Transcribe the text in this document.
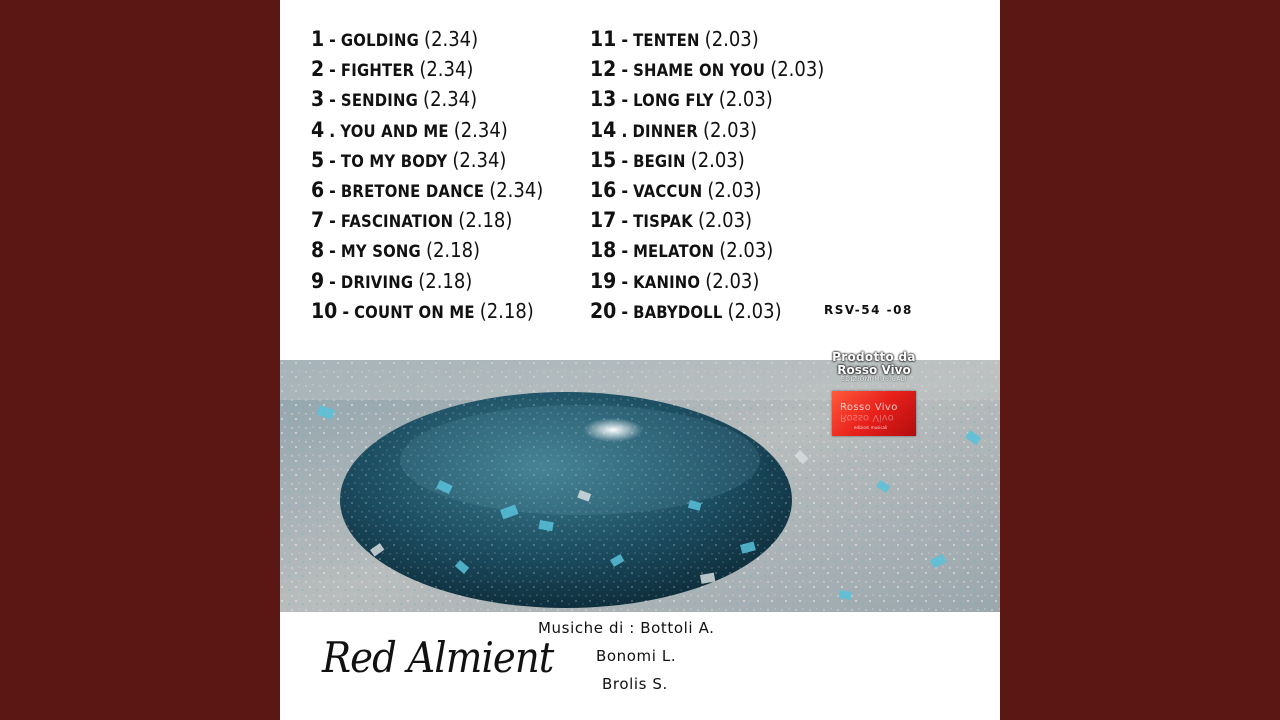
1 - GOLDING (2.34)
2 - FIGHTER (2.34)
3 - SENDING (2.34)
4 . YOU AND ME (2.34)
5 - TO MY BODY (2.34)
6 - BRETONE DANCE (2.34)
7 - FASCINATION (2.18)
8 - MY SONG (2.18)
9 - DRIVING (2.18)
10 - COUNT ON ME (2.18)
11 - TENTEN (2.03)
12 - SHAME ON YOU (2.03)
13 - LONG FLY (2.03)
14 . DINNER (2.03)
15 - BEGIN (2.03)
16 - VACCUN (2.03)
17 - TISPAK (2.03)
18 - MELATON (2.03)
19 - KANINO (2.03)
20 - BABYDOLL (2.03)	RSV-54 -08
Prodotto da
Rosso Vivo
EDIZIONI MUSICALI
Rosso Vivo
Rosso Vivo
edizioni musicali
Red Almient
Musiche di : Bottoli A.
Bonomi L.
Brolis S.
